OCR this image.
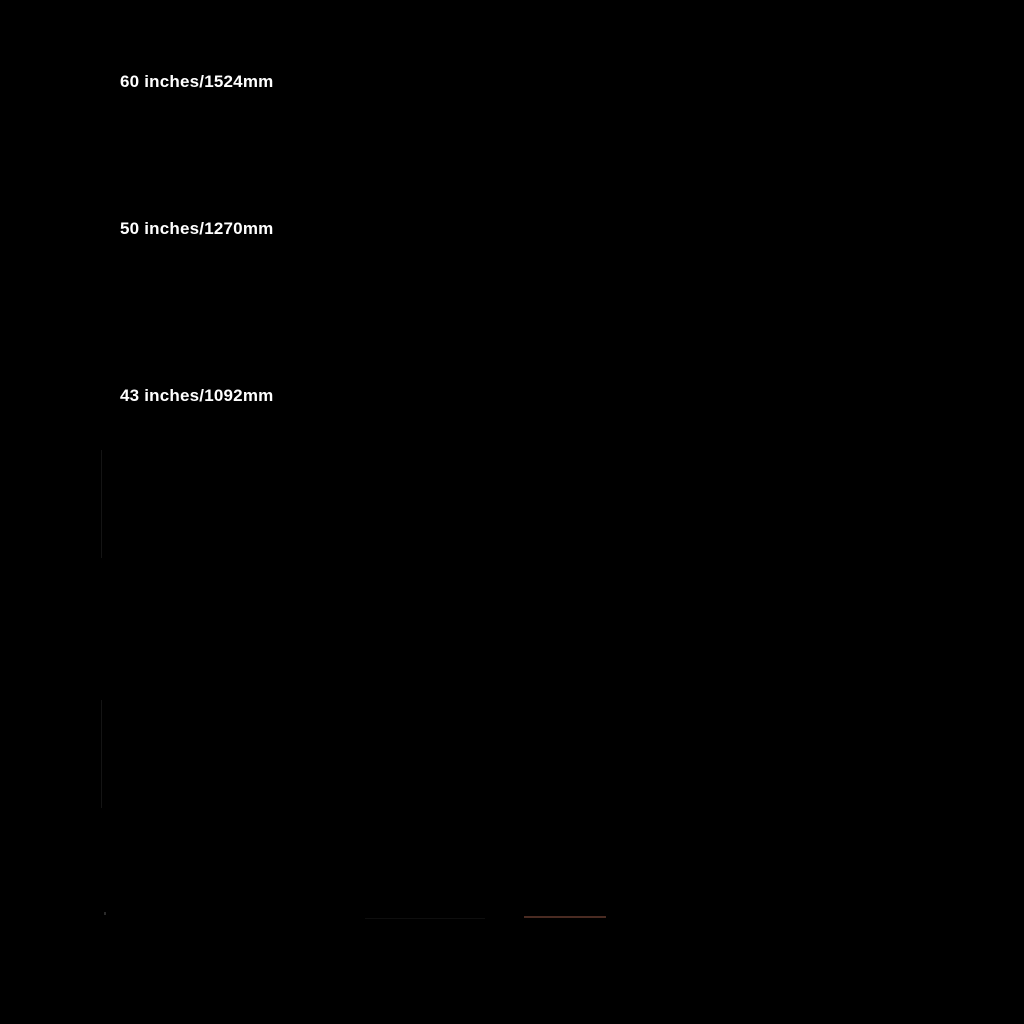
60 inches/1524mm
50 inches/1270mm
43 inches/1092mm
